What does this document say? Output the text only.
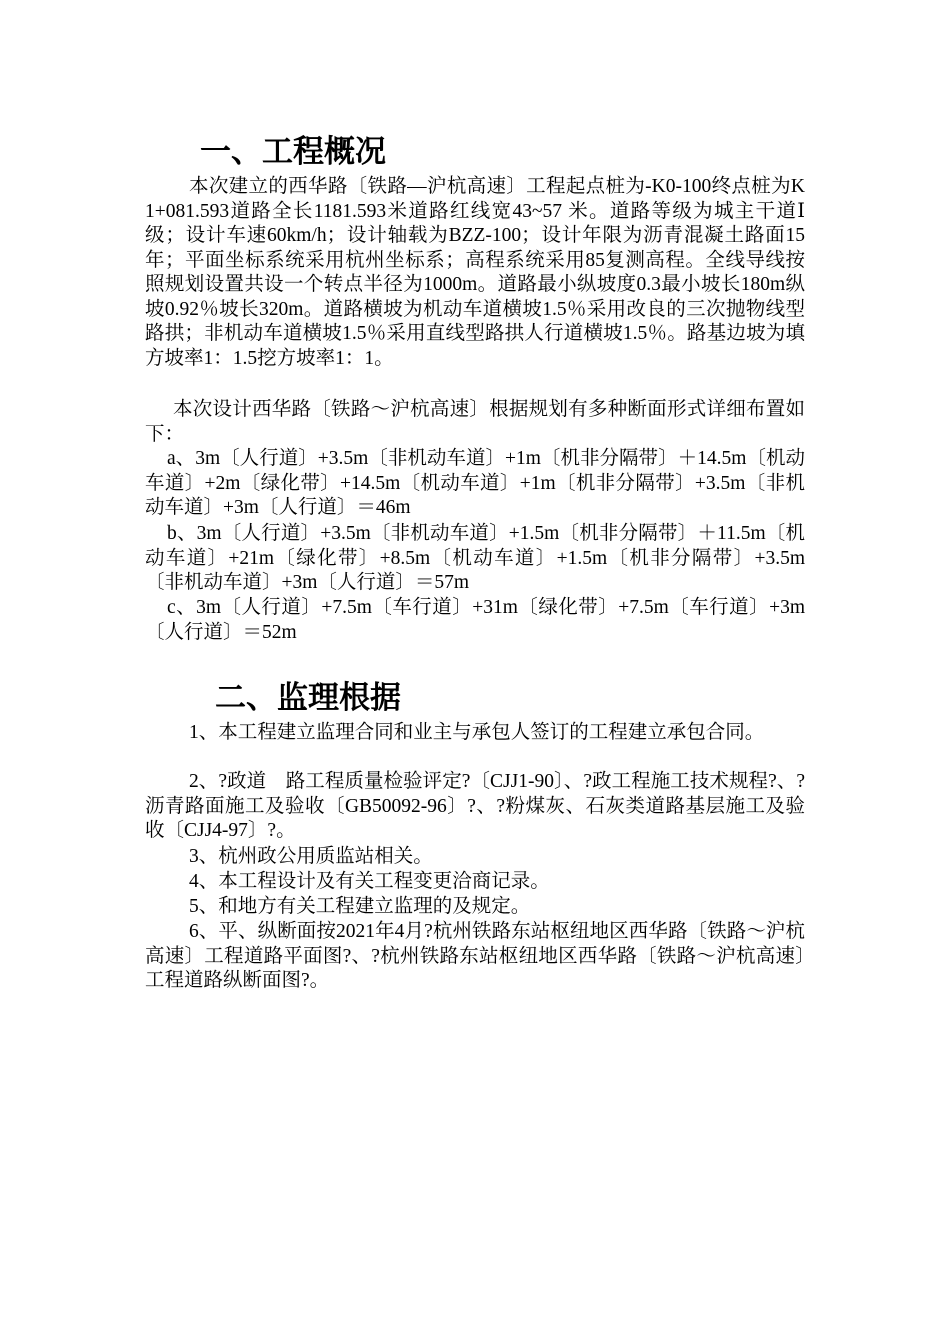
一、工程概况

本次建立的西华路〔铁路—沪杭高速〕工程起点桩为-K0-100终点桩为K1+081.593道路全长1181.593米道路红线宽43~57 米。道路等级为城主干道Ⅰ级；设计车速60km/h；设计轴载为BZZ-100；设计年限为沥青混凝土路面15年；平面坐标系统采用杭州坐标系；高程系统采用85复测高程。全线导线按照规划设置共设一个转点半径为1000m。道路最小纵坡度0.3最小坡长180m纵坡0.92％坡长320m。道路横坡为机动车道横坡1.5％采用改良的三次抛物线型路拱；非机动车道横坡1.5％采用直线型路拱人行道横坡1.5％。路基边坡为填方坡率1：1.5挖方坡率1：1。

本次设计西华路〔铁路～沪杭高速〕根据规划有多种断面形式详细布置如下：

a、3m〔人行道〕+3.5m〔非机动车道〕+1m〔机非分隔带〕＋14.5m〔机动车道〕+2m〔绿化带〕+14.5m〔机动车道〕+1m〔机非分隔带〕+3.5m〔非机动车道〕+3m〔人行道〕＝46m

b、3m〔人行道〕+3.5m〔非机动车道〕+1.5m〔机非分隔带〕＋11.5m〔机动车道〕+21m〔绿化带〕+8.5m〔机动车道〕+1.5m〔机非分隔带〕+3.5m〔非机动车道〕+3m〔人行道〕＝57m

c、3m〔人行道〕+7.5m〔车行道〕+31m〔绿化带〕+7.5m〔车行道〕+3m〔人行道〕＝52m

二、监理根据

1、本工程建立监理合同和业主与承包人签订的工程建立承包合同。

2、?政道　路工程质量检验评定?〔CJJ1-90〕、?政工程施工技术规程?、?沥青路面施工及验收〔GB50092-96〕?、?粉煤灰、石灰类道路基层施工及验收〔CJJ4-97〕?。

3、杭州政公用质监站相关。

4、本工程设计及有关工程变更洽商记录。

5、和地方有关工程建立监理的及规定。

6、平、纵断面按2021年4月?杭州铁路东站枢纽地区西华路〔铁路～沪杭高速〕工程道路平面图?、?杭州铁路东站枢纽地区西华路〔铁路～沪杭高速〕工程道路纵断面图?。
